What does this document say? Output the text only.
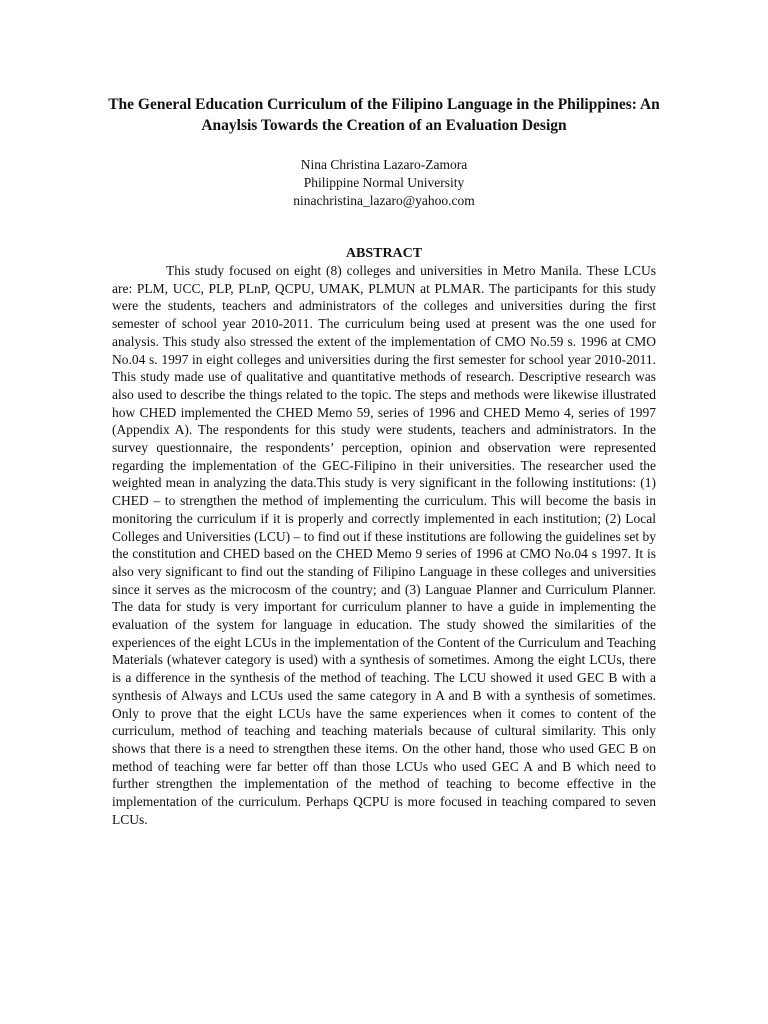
The General Education Curriculum of the Filipino Language in the Philippines: An Anaylsis Towards the Creation of an Evaluation Design
Nina Christina Lazaro-Zamora
Philippine Normal University
ninachristina_lazaro@yahoo.com
ABSTRACT

This study focused on eight (8) colleges and universities in Metro Manila. These LCUs are: PLM, UCC, PLP, PLnP, QCPU, UMAK, PLMUN at PLMAR. The participants for this study were the students, teachers and administrators of the colleges and universities during the first semester of school year 2010-2011. The curriculum being used at present was the one used for analysis. This study also stressed the extent of the implementation of CMO No.59 s. 1996 at CMO No.04 s. 1997 in eight colleges and universities during the first semester for school year 2010-2011. This study made use of qualitative and quantitative methods of research. Descriptive research was also used to describe the things related to the topic. The steps and methods were likewise illustrated how CHED implemented the CHED Memo 59, series of 1996 and CHED Memo 4, series of 1997 (Appendix A). The respondents for this study were students, teachers and administrators. In the survey questionnaire, the respondents’ perception, opinion and observation were represented regarding the implementation of the GEC-Filipino in their universities. The researcher used the weighted mean in analyzing the data.This study is very significant in the following institutions: (1) CHED – to strengthen the method of implementing the curriculum. This will become the basis in monitoring the curriculum if it is properly and correctly implemented in each institution; (2) Local Colleges and Universities (LCU) – to find out if these institutions are following the guidelines set by the constitution and CHED based on the CHED Memo 9 series of 1996 at CMO No.04 s 1997. It is also very significant to find out the standing of Filipino Language in these colleges and universities since it serves as the microcosm of the country; and (3) Languae Planner and Curriculum Planner. The data for study is very important for curriculum planner to have a guide in implementing the evaluation of the system for language in education. The study showed the similarities of the experiences of the eight LCUs in the implementation of the Content of the Curriculum and Teaching Materials (whatever category is used) with a synthesis of sometimes. Among the eight LCUs, there is a difference in the synthesis of the method of teaching. The LCU showed it used GEC B with a synthesis of Always and LCUs used the same category in A and B with a synthesis of sometimes. Only to prove that the eight LCUs have the same experiences when it comes to content of the curriculum, method of teaching and teaching materials because of cultural similarity. This only shows that there is a need to strengthen these items. On the other hand, those who used GEC B on method of teaching were far better off than those LCUs who used GEC A and B which need to further strengthen the implementation of the method of teaching to become effective in the implementation of the curriculum. Perhaps QCPU is more focused in teaching compared to seven LCUs.
